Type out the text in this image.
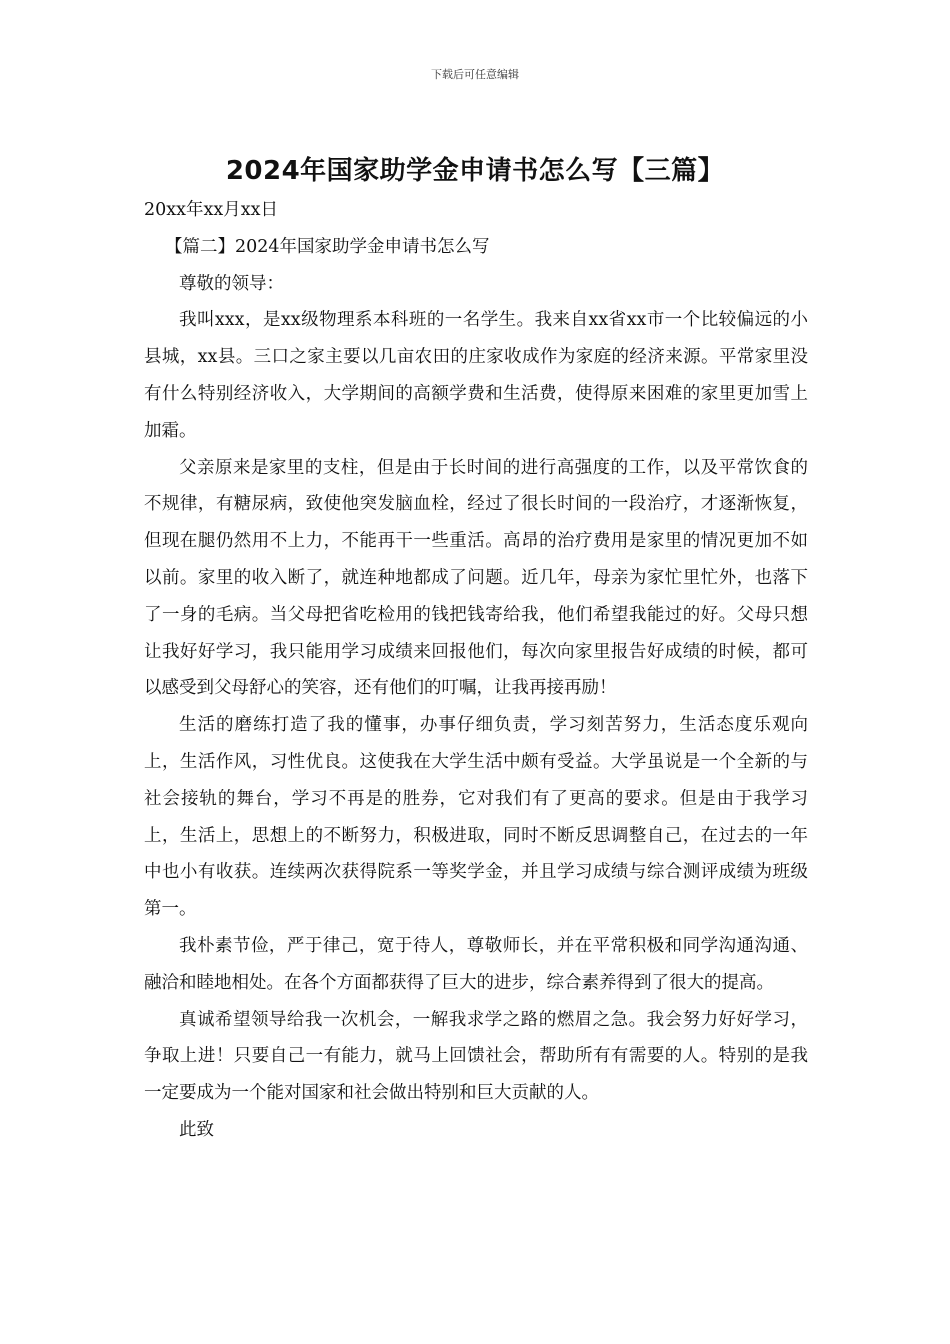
下载后可任意编辑
2024年国家助学金申请书怎么写【三篇】

20xx年xx月xx日

【篇二】2024年国家助学金申请书怎么写

尊敬的领导：

我叫xxx，是xx级物理系本科班的一名学生。我来自xx省xx市一个比较偏远的小县城，xx县。三口之家主要以几亩农田的庄家收成作为家庭的经济来源。平常家里没有什么特别经济收入，大学期间的高额学费和生活费，使得原来困难的家里更加雪上加霜。

父亲原来是家里的支柱，但是由于长时间的进行高强度的工作，以及平常饮食的不规律，有糖尿病，致使他突发脑血栓，经过了很长时间的一段治疗，才逐渐恢复，但现在腿仍然用不上力，不能再干一些重活。高昂的治疗费用是家里的情况更加不如以前。家里的收入断了，就连种地都成了问题。近几年，母亲为家忙里忙外，也落下了一身的毛病。当父母把省吃检用的钱把钱寄给我，他们希望我能过的好。父母只想让我好好学习，我只能用学习成绩来回报他们，每次向家里报告好成绩的时候，都可以感受到父母舒心的笑容，还有他们的叮嘱，让我再接再励！

生活的磨练打造了我的懂事，办事仔细负责，学习刻苦努力，生活态度乐观向上，生活作风，习性优良。这使我在大学生活中颇有受益。大学虽说是一个全新的与社会接轨的舞台，学习不再是的胜券，它对我们有了更高的要求。但是由于我学习上，生活上，思想上的不断努力，积极进取，同时不断反思调整自己，在过去的一年中也小有收获。连续两次获得院系一等奖学金，并且学习成绩与综合测评成绩为班级第一。

我朴素节俭，严于律己，宽于待人，尊敬师长，并在平常积极和同学沟通沟通、融洽和睦地相处。在各个方面都获得了巨大的进步，综合素养得到了很大的提高。

真诚希望领导给我一次机会，一解我求学之路的燃眉之急。我会努力好好学习，争取上进！只要自己一有能力，就马上回馈社会，帮助所有有需要的人。特别的是我一定要成为一个能对国家和社会做出特别和巨大贡献的人。

此致
